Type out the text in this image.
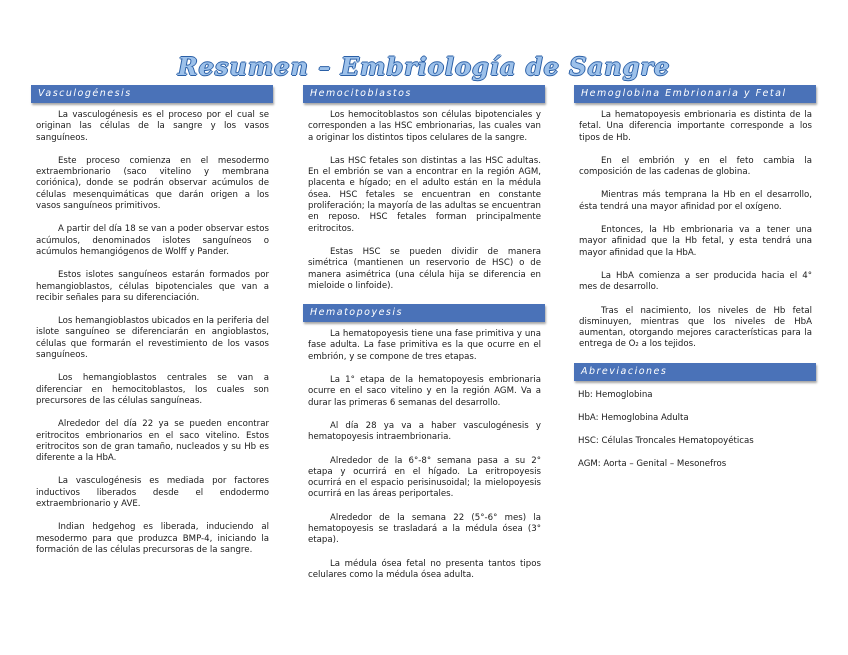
Resumen – Embriología de Sangre
Vasculogénesis

La vasculogénesis es el proceso por el cual se originan las células de la sangre y los vasos sanguíneos.

Este proceso comienza en el mesodermo extraembrionario (saco vitelino y membrana coriónica), donde se podrán observar acúmulos de células mesenquimáticas que darán origen a los vasos sanguíneos primitivos.

A partir del día 18 se van a poder observar estos acúmulos, denominados islotes sanguíneos o acúmulos hemangiógenos de Wolff y Pander.

Estos islotes sanguíneos estarán formados por hemangioblastos, células bipotenciales que van a recibir señales para su diferenciación.

Los hemangioblastos ubicados en la periferia del islote sanguíneo se diferenciarán en angioblastos, células que formarán el revestimiento de los vasos sanguíneos.

Los hemangioblastos centrales se van a diferenciar en hemocitoblastos, los cuales son precursores de las células sanguíneas.

Alrededor del día 22 ya se pueden encontrar eritrocitos embrionarios en el saco vitelino. Estos eritrocitos son de gran tamaño, nucleados y su Hb es diferente a la HbA.

La vasculogénesis es mediada por factores inductivos liberados desde el endodermo extraembrionario y AVE.

Indian hedgehog es liberada, induciendo al mesodermo para que produzca BMP-4, iniciando la formación de las células precursoras de la sangre.

Hemocitoblastos

Los hemocitoblastos son células bipotenciales y corresponden a las HSC embrionarias, las cuales van a originar los distintos tipos celulares de la sangre.

Las HSC fetales son distintas a las HSC adultas. En el embrión se van a encontrar en la región AGM, placenta e hígado; en el adulto están en la médula ósea. HSC fetales se encuentran en constante proliferación; la mayoría de las adultas se encuentran en reposo. HSC fetales forman principalmente eritrocitos.

Estas HSC se pueden dividir de manera simétrica (mantienen un reservorio de HSC) o de manera asimétrica (una célula hija se diferencia en mieloide o linfoide).

Hematopoyesis

La hematopoyesis tiene una fase primitiva y una fase adulta. La fase primitiva es la que ocurre en el embrión, y se compone de tres etapas.

La 1° etapa de la hematopoyesis embrionaria ocurre en el saco vitelino y en la región AGM. Va a durar las primeras 6 semanas del desarrollo.

Al día 28 ya va a haber vasculogénesis y hematopoyesis intraembrionaria.

Alrededor de la 6°-8° semana pasa a su 2° etapa y ocurrirá en el hígado. La eritropoyesis ocurrirá en el espacio perisinusoidal; la mielopoyesis ocurrirá en las áreas periportales.

Alrededor de la semana 22 (5°-6° mes) la hematopoyesis se trasladará a la médula ósea (3° etapa).

La médula ósea fetal no presenta tantos tipos celulares como la médula ósea adulta.

Hemoglobina Embrionaria y Fetal

La hematopoyesis embrionaria es distinta de la fetal. Una diferencia importante corresponde a los tipos de Hb.

En el embrión y en el feto cambia la composición de las cadenas de globina.

Mientras más temprana la Hb en el desarrollo, ésta tendrá una mayor afinidad por el oxígeno.

Entonces, la Hb embrionaria va a tener una mayor afinidad que la Hb fetal, y esta tendrá una mayor afinidad que la HbA.

La HbA comienza a ser producida hacia el 4° mes de desarrollo.

Tras el nacimiento, los niveles de Hb fetal disminuyen, mientras que los niveles de HbA aumentan, otorgando mejores características para la entrega de O₂ a los tejidos.

Abreviaciones

Hb: Hemoglobina

HbA: Hemoglobina Adulta

HSC: Células Troncales Hematopoyéticas

AGM: Aorta – Genital – Mesonefros
